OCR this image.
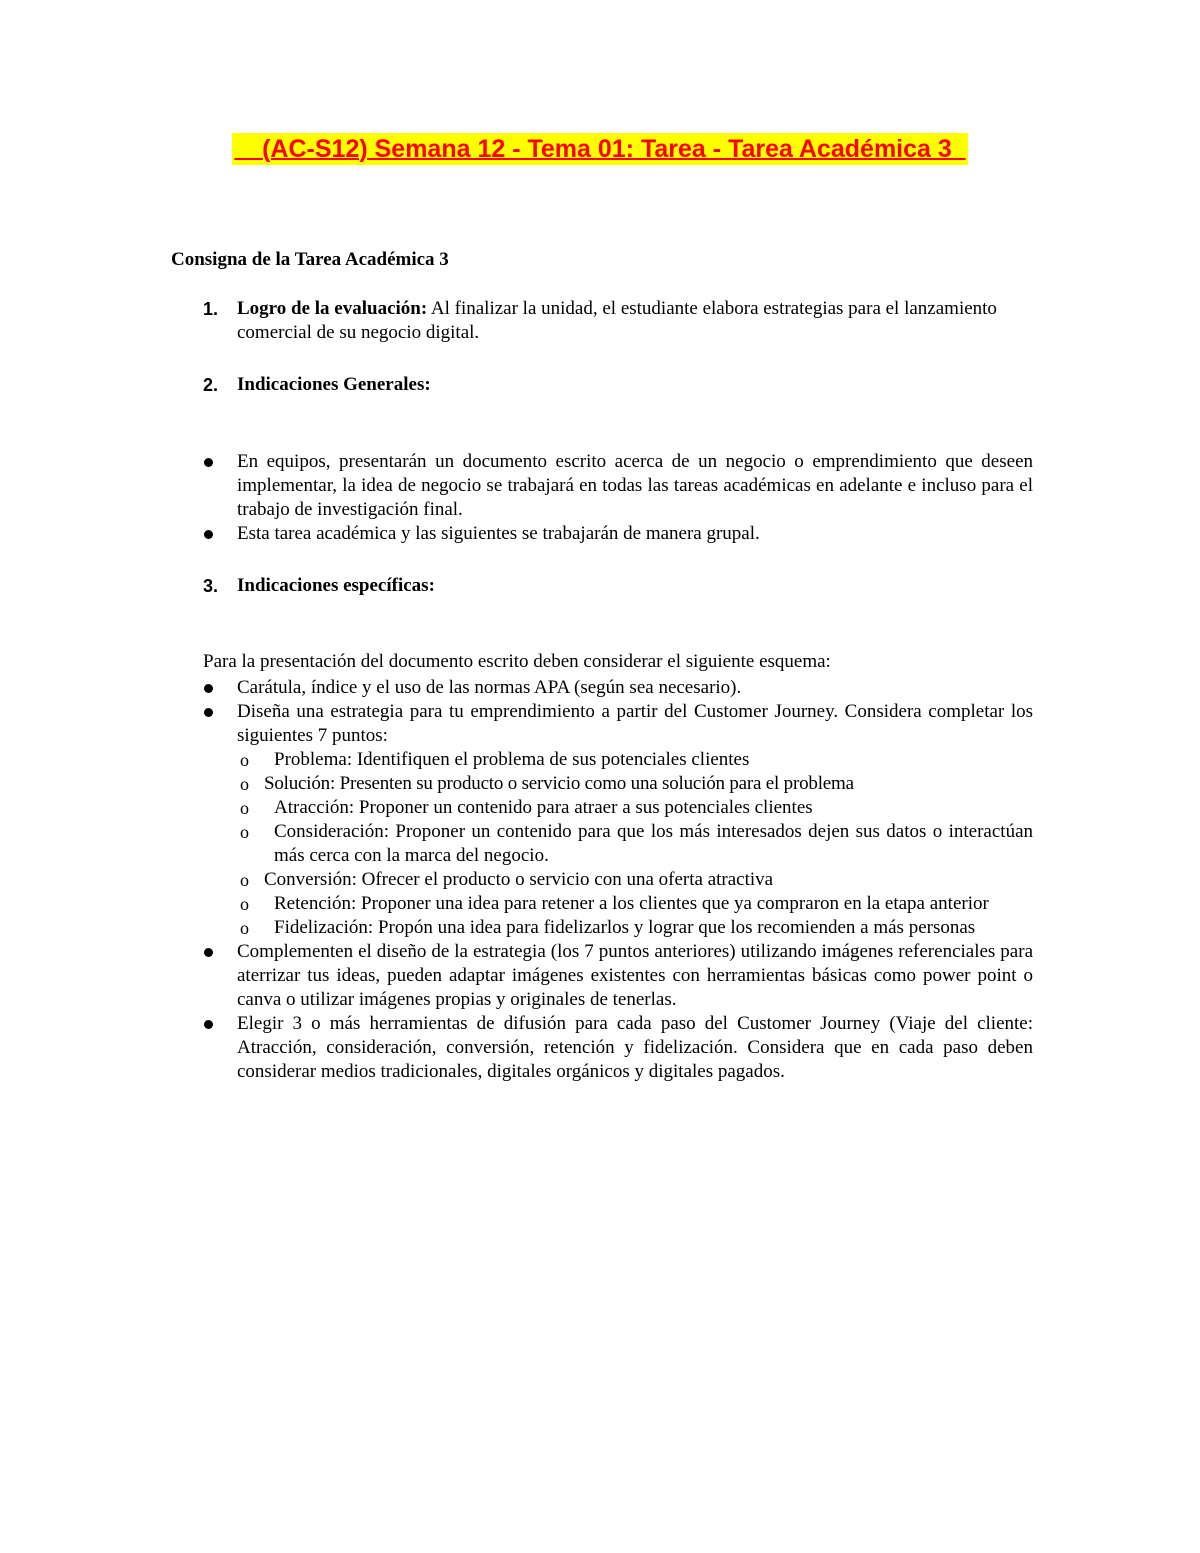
(AC-S12) Semana 12 - Tema 01: Tarea - Tarea Académica 3
Consigna de la Tarea Académica 3
1. Logro de la evaluación: Al finalizar la unidad, el estudiante elabora estrategias para el lanzamiento comercial de su negocio digital.
2. Indicaciones Generales:
En equipos, presentarán un documento escrito acerca de un negocio o emprendimiento que deseen implementar, la idea de negocio se trabajará en todas las tareas académicas en adelante e incluso para el trabajo de investigación final.
Esta tarea académica y las siguientes se trabajarán de manera grupal.
3. Indicaciones específicas:
Para la presentación del documento escrito deben considerar el siguiente esquema:
Carátula, índice y el uso de las normas APA (según sea necesario).
Diseña una estrategia para tu emprendimiento a partir del Customer Journey. Considera completar los siguientes 7 puntos:
o Problema: Identifiquen el problema de sus potenciales clientes
o Solución: Presenten su producto o servicio como una solución para el problema
o Atracción: Proponer un contenido para atraer a sus potenciales clientes
o Consideración: Proponer un contenido para que los más interesados dejen sus datos o interactúan más cerca con la marca del negocio.
o Conversión: Ofrecer el producto o servicio con una oferta atractiva
o Retención: Proponer una idea para retener a los clientes que ya compraron en la etapa anterior
o Fidelización: Propón una idea para fidelizarlos y lograr que los recomienden a más personas
Complementen el diseño de la estrategia (los 7 puntos anteriores) utilizando imágenes referenciales para aterrizar tus ideas, pueden adaptar imágenes existentes con herramientas básicas como power point o canva o utilizar imágenes propias y originales de tenerlas.
Elegir 3 o más herramientas de difusión para cada paso del Customer Journey (Viaje del cliente: Atracción, consideración, conversión, retención y fidelización. Considera que en cada paso deben considerar medios tradicionales, digitales orgánicos y digitales pagados.
